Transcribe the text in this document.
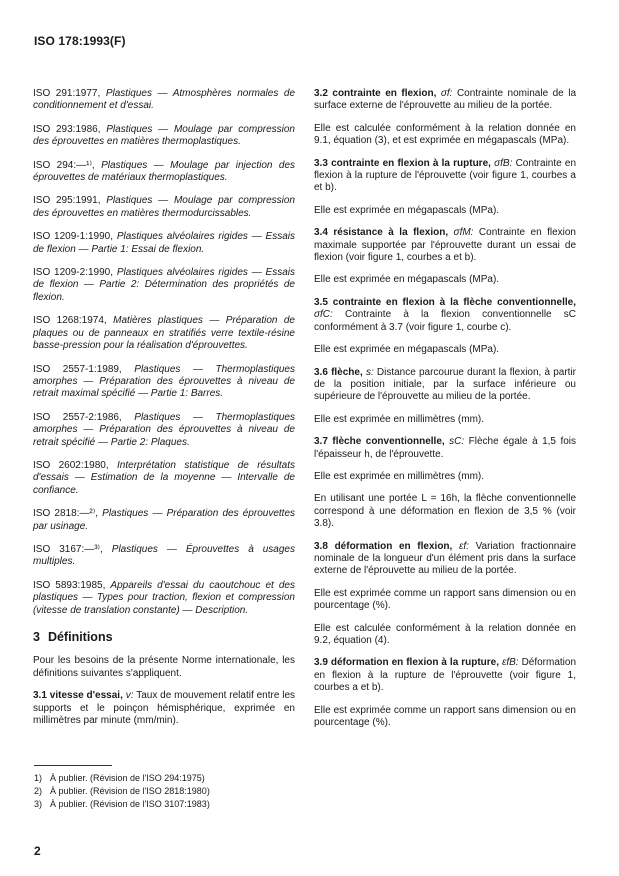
ISO 178:1993(F)

ISO 291:1977, Plastiques — Atmosphères normales de conditionnement et d'essai.

ISO 293:1986, Plastiques — Moulage par compression des éprouvettes en matières thermoplastiques.

ISO 294:—¹⁾, Plastiques — Moulage par injection des éprouvettes de matériaux thermoplastiques.

ISO 295:1991, Plastiques — Moulage par compression des éprouvettes en matières thermodurcissables.

ISO 1209-1:1990, Plastiques alvéolaires rigides — Essais de flexion — Partie 1: Essai de flexion.

ISO 1209-2:1990, Plastiques alvéolaires rigides — Essais de flexion — Partie 2: Détermination des propriétés de flexion.

ISO 1268:1974, Matières plastiques — Préparation de plaques ou de panneaux en stratifiés verre textile-résine basse-pression pour la réalisation d'éprouvettes.

ISO 2557-1:1989, Plastiques — Thermoplastiques amorphes — Préparation des éprouvettes à niveau de retrait maximal spécifié — Partie 1: Barres.

ISO 2557-2:1986, Plastiques — Thermoplastiques amorphes — Préparation des éprouvettes à niveau de retrait spécifié — Partie 2: Plaques.

ISO 2602:1980, Interprétation statistique de résultats d'essais — Estimation de la moyenne — Intervalle de confiance.

ISO 2818:—²⁾, Plastiques — Préparation des éprouvettes par usinage.

ISO 3167:—³⁾, Plastiques — Éprouvettes à usages multiples.

ISO 5893:1985, Appareils d'essai du caoutchouc et des plastiques — Types pour traction, flexion et compression (vitesse de translation constante) — Description.

3 Définitions

Pour les besoins de la présente Norme internationale, les définitions suivantes s'appliquent.

3.1 vitesse d'essai, v: Taux de mouvement relatif entre les supports et le poinçon hémisphérique, exprimée en millimètres par minute (mm/min).

3.2 contrainte en flexion, σf: Contrainte nominale de la surface externe de l'éprouvette au milieu de la portée.

Elle est calculée conformément à la relation donnée en 9.1, équation (3), et est exprimée en mégapascals (MPa).

3.3 contrainte en flexion à la rupture, σfB: Contrainte en flexion à la rupture de l'éprouvette (voir figure 1, courbes a et b).

Elle est exprimée en mégapascals (MPa).

3.4 résistance à la flexion, σfM: Contrainte en flexion maximale supportée par l'éprouvette durant un essai de flexion (voir figure 1, courbes a et b).

Elle est exprimée en mégapascals (MPa).

3.5 contrainte en flexion à la flèche conventionnelle, σfC: Contrainte à la flexion conventionnelle sC conformément à 3.7 (voir figure 1, courbe c).

Elle est exprimée en mégapascals (MPa).

3.6 flèche, s: Distance parcourue durant la flexion, à partir de la position initiale, par la surface inférieure ou supérieure de l'éprouvette au milieu de la portée.

Elle est exprimée en millimètres (mm).

3.7 flèche conventionnelle, sC: Flèche égale à 1,5 fois l'épaisseur h, de l'éprouvette.

Elle est exprimée en millimètres (mm).

En utilisant une portée L = 16h, la flèche conventionnelle correspond à une déformation en flexion de 3,5 % (voir 3.8).

3.8 déformation en flexion, εf: Variation fractionnaire nominale de la longueur d'un élément pris dans la surface externe de l'éprouvette au milieu de la portée.

Elle est exprimée comme un rapport sans dimension ou en pourcentage (%).

Elle est calculée conformément à la relation donnée en 9.2, équation (4).

3.9 déformation en flexion à la rupture, εfB: Déformation en flexion à la rupture de l'éprouvette (voir figure 1, courbes a et b).

Elle est exprimée comme un rapport sans dimension ou en pourcentage (%).

1) À publier. (Révision de l'ISO 294:1975)
2) À publier. (Révision de l'ISO 2818:1980)
3) À publier. (Révision de l'ISO 3107:1983)
2
